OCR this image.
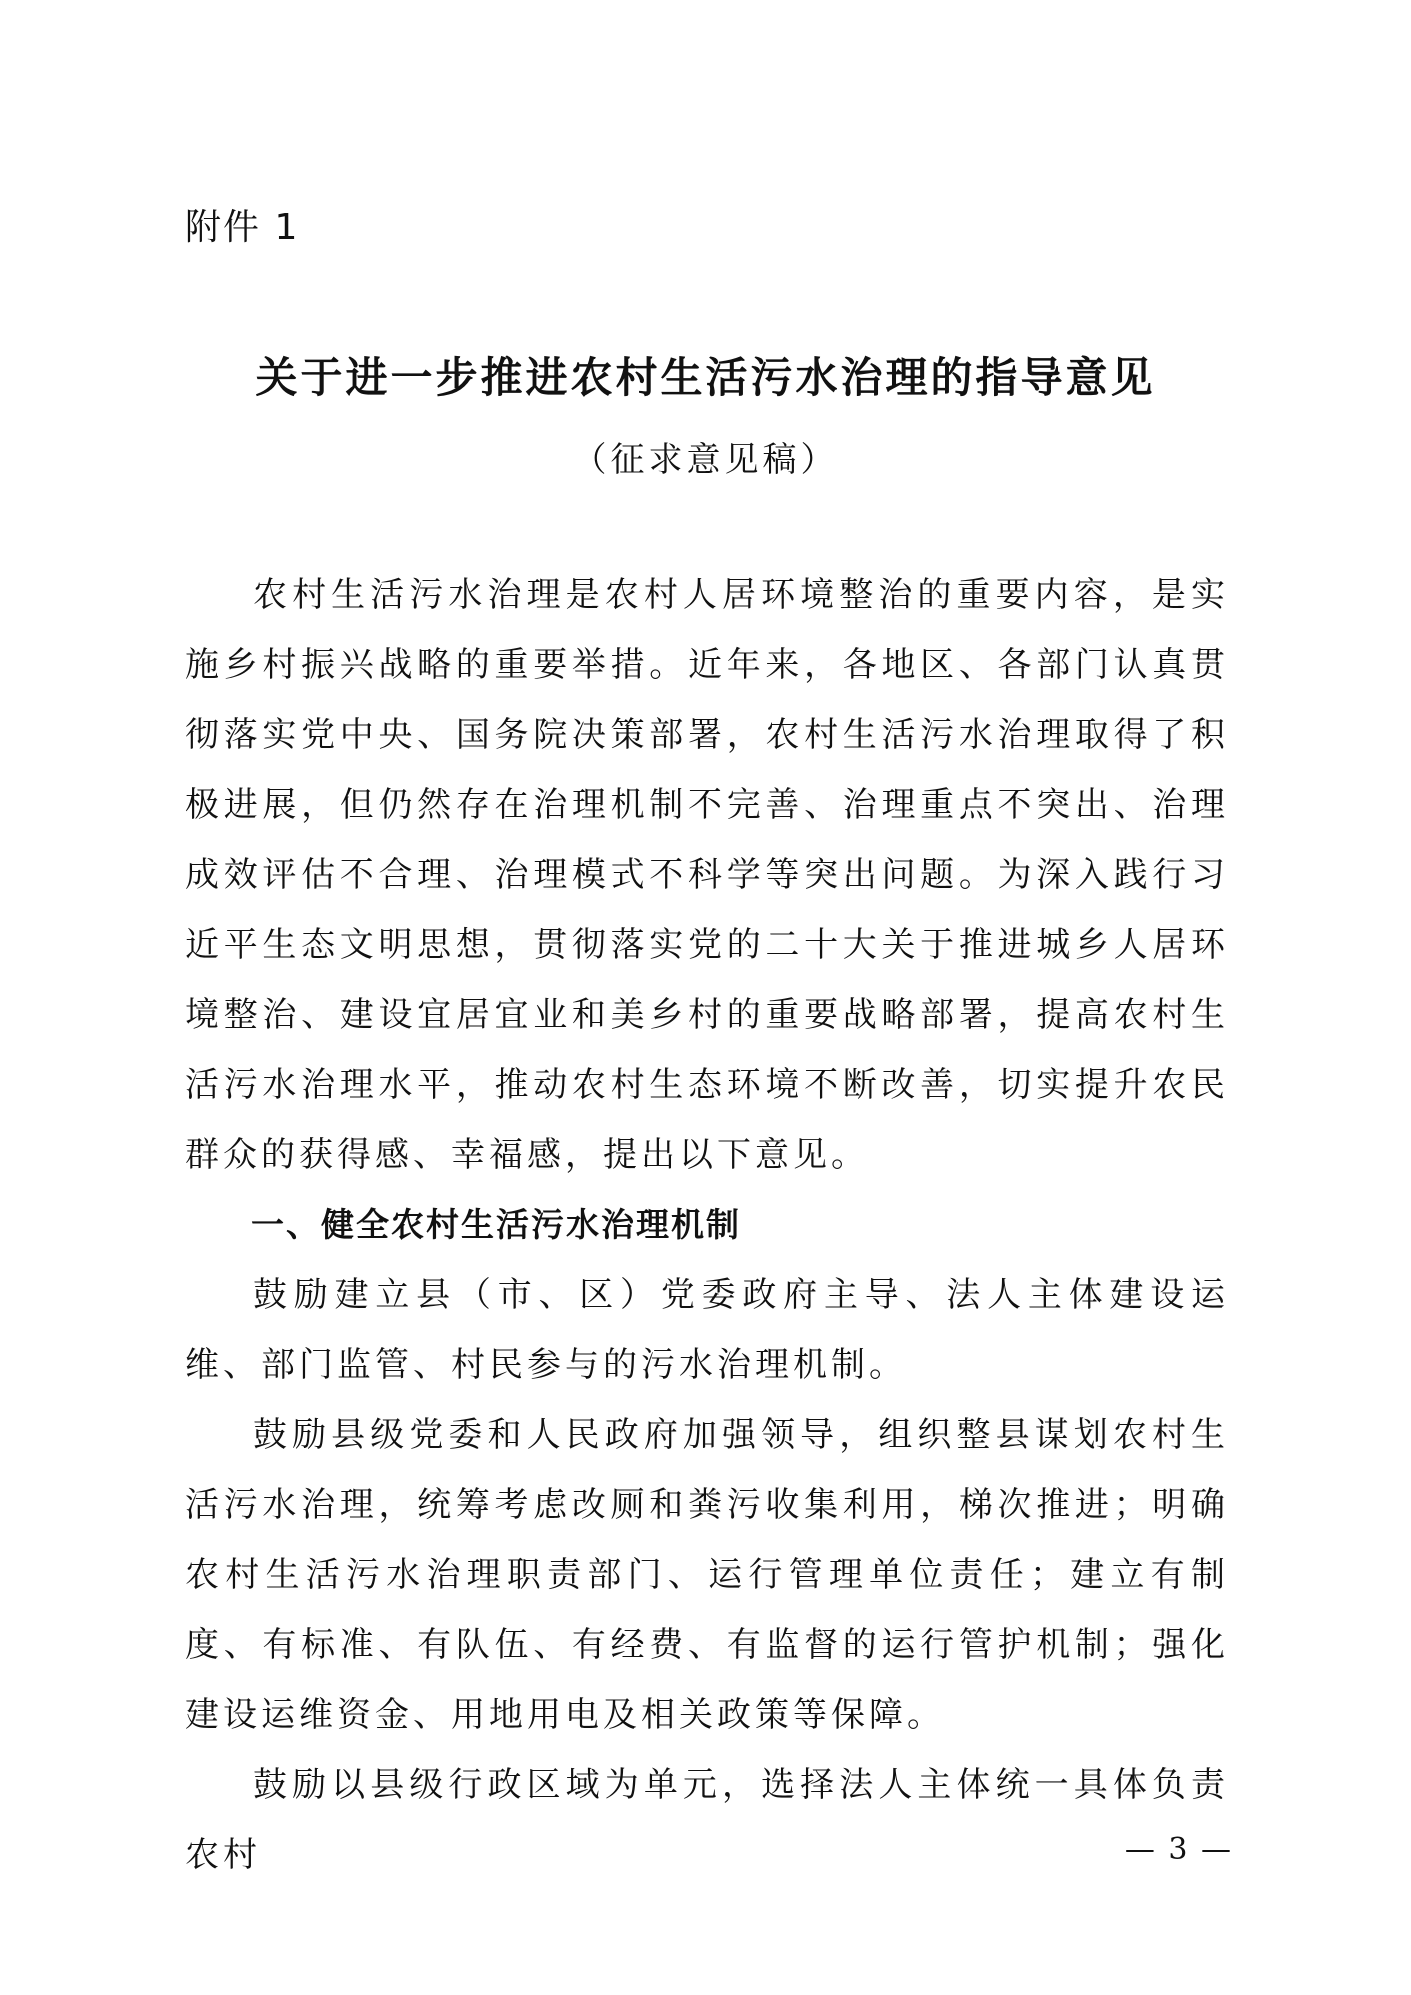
附件 1

关于进一步推进农村生活污水治理的指导意见

（征求意见稿）

农村生活污水治理是农村人居环境整治的重要内容，是实施乡村振兴战略的重要举措。近年来，各地区、各部门认真贯彻落实党中央、国务院决策部署，农村生活污水治理取得了积极进展，但仍然存在治理机制不完善、治理重点不突出、治理成效评估不合理、治理模式不科学等突出问题。为深入践行习近平生态文明思想，贯彻落实党的二十大关于推进城乡人居环境整治、建设宜居宜业和美乡村的重要战略部署，提高农村生活污水治理水平，推动农村生态环境不断改善，切实提升农民群众的获得感、幸福感，提出以下意见。

一、健全农村生活污水治理机制

鼓励建立县（市、区）党委政府主导、法人主体建设运维、部门监管、村民参与的污水治理机制。

鼓励县级党委和人民政府加强领导，组织整县谋划农村生活污水治理，统筹考虑改厕和粪污收集利用，梯次推进；明确农村生活污水治理职责部门、运行管理单位责任；建立有制度、有标准、有队伍、有经费、有监督的运行管护机制；强化建设运维资金、用地用电及相关政策等保障。

鼓励以县级行政区域为单元，选择法人主体统一具体负责农村	— 3 —
